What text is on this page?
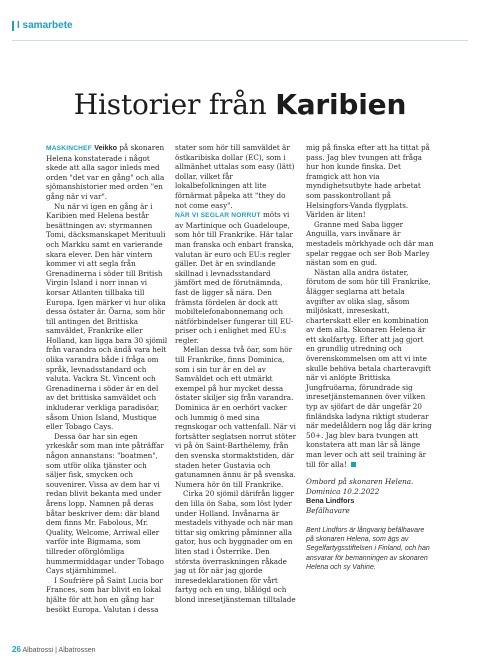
I samarbete
Historier från Karibien

MASKINCHEF Veikko på skonaren Helena konstaterade i något skede att alla sagor inleds med orden "det var en gång" och alla sjömanshistorier med orden "en gång när vi var".

Nu när vi igen en gång är i Karibien med Helena består besättningen av: styrmannen Tomi, däcksmanskapet Merituuli och Markku samt en varierande skara elever. Den här vintern kommer vi att segla från Grenadinerna i söder till British Virgin Island i norr innan vi korsar Atlanten tillbaka till Europa. Igen märker vi hur olika dessa östater är. Öarna, som hör till antingen det Brittiska samväldet, Frankrike eller Holland, kan ligga bara 30 sjömil från varandra och ändå vara helt olika varandra både i fråga om språk, levnadsstandard och valuta. Vackra St. Vincent och Grenadinerna i söder är en del av det brittiska samväldet och inkluderar verkliga paradisöar, såsom Union Island, Mustique eller Tobago Cays.

Dessa öar har sin egen yrkeskår som man inte påträffar någon annanstans: "boatmen", som utför olika tjänster och säljer fisk, smycken och souvenirer. Vissa av dem har vi redan blivit bekanta med under årens lopp. Namnen på deras båtar beskriver dem: där bland dem finns Mr. Fabolous, Mr. Quality, Welcome, Arriwal eller varför inte Bigmama, som tillreder oförglömliga hummermiddagar under Tobago Cays stjärnhimmel.

I Soufrière på Saint Lucia bor Frances, som har blivit en lokal hjälte för att hon en gång har besökt Europa. Valutan i dessa

stater som hör till samväldet är östkaribiska dollar (EC), som i allmänhet uttalas som easy (lätt) dollar, vilket får lokalbefolkningen att lite förnärmat påpeka att "they do not come easy".

NÄR VI SEGLAR NORRUT möts vi av Martinique och Guadeloupe, som hör till Frankrike. Här talar man franska och enbart franska, valutan är euro och EU:s regler gäller. Det är en svindlande skillnad i levnadsstandard jämfört med de förutnämnda, fast de ligger så nära. Den främsta fördelen är dock att mobiltelefonabonnemang och nätförbindelser fungerar till EU-priser och i enlighet med EU:s regler.

Mellan dessa två öar, som hör till Frankrike, finns Dominica, som i sin tur är en del av Samväldet och ett utmärkt exempel på hur mycket dessa östater skiljer sig från varandra. Dominica är en oerhört vacker och lummig ö med sina regnskogar och vattenfall. När vi fortsätter seglatsen norrut stöter vi på ön Saint-Barthélemy, från den svenska stormaktstiden, där staden heter Gustavia och gatunamnen ännu är på svenska. Numera hör ön till Frankrike.

Cirka 20 sjömil därifrån ligger den lilla ön Saba, som löst lyder under Holland. Invånarna är mestadels vithyade och när man tittar sig omkring påminner alla gator, hus och byggnader om en liten stad i Österrike. Den största överraskningen råkade jag ut för när jag gjorde inresedeklarationen för vårt fartyg och en ung, blålögd och blond inresetjänsteman tilltalade

mig på finska efter att ha tittat på pass. Jag blev tvungen att fråga hur hon kunde finska. Det framgick att hon via myndighetsutbyte hade arbetat som passkontrollant på Helsingfors-Vanda flygplats. Världen är liten!

Granne med Saba ligger Anguilla, vars invånare är mestadels mörkhyade och där man spelar reggae och ser Bob Marley nästan som en gud.

Nästan alla andra östater, förutom de som hör till Frankrike, ålägger seglarna att betala avgifter av olika slag, såsom miljöskatt, inreseskatt, charterskatt eller en kombination av dem alla. Skonaren Helena är ett skolfartyg. Efter att jag gjort en grundlig utredning och överenskommelsen om att vi inte skulle behöva betala charteravgift när vi anlöpte Brittiska Jungfruöarna, förundrade sig inresetjänstemannen över vilken typ av sjöfart de där ungefär 20 finländska ladyna riktigt studerar när medelåldern nog låg där kring 50+. Jag blev bara tvungen att konstatera att man lär så länge man lever och att seil training är till för alla!

Ombord på skonaren Helena.
Dominica 10.2.2022
Bena Lindfors
Befälhavare
Bent Lindfors är långvarig befälhavare på skonaren Helena, som ägs av Segelfartygsstiftelsen i Finland, och han ansvarar för bemanningen av skonaren Helena och sy Vahine.
26 Albatrossi | Albatrossen
